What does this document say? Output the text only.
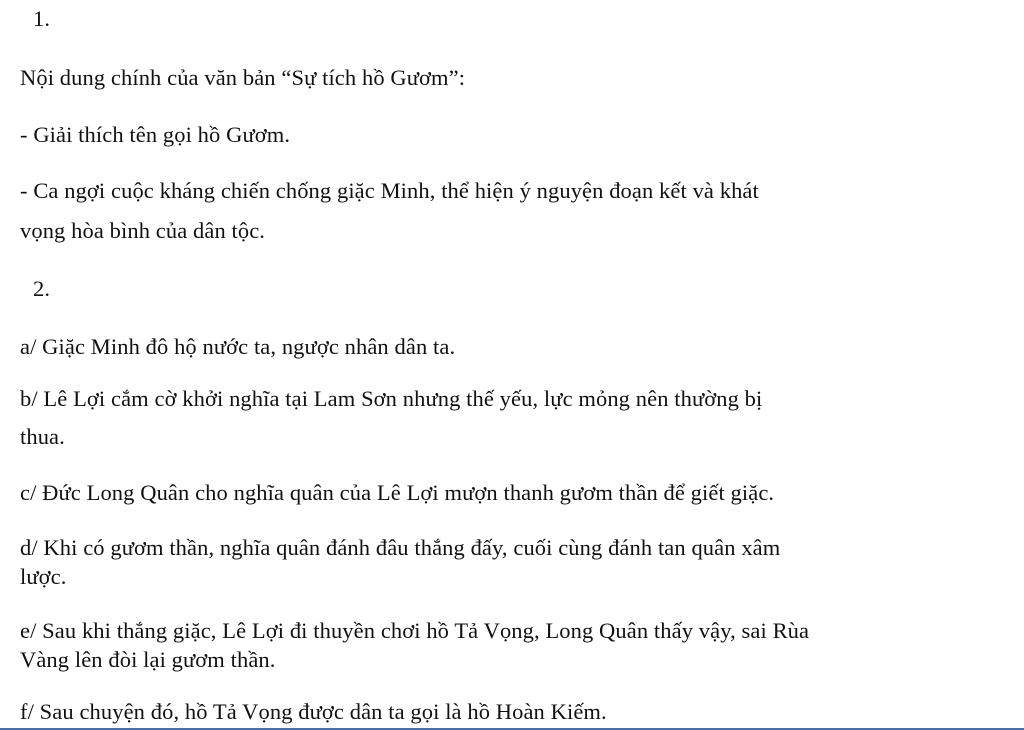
1.

Nội dung chính của văn bản “Sự tích hồ Gươm”:

- Giải thích tên gọi hồ Gươm.

- Ca ngợi cuộc kháng chiến chống giặc Minh, thể hiện ý nguyện đoạn kết và khát

vọng hòa bình của dân tộc.

2.

a/ Giặc Minh đô hộ nước ta, ngược nhân dân ta.

b/ Lê Lợi cắm cờ khởi nghĩa tại Lam Sơn nhưng thế yếu, lực mỏng nên thường bị

thua.

c/ Đức Long Quân cho nghĩa quân của Lê Lợi mượn thanh gươm thần để giết giặc.

d/ Khi có gươm thần, nghĩa quân đánh đâu thắng đấy, cuối cùng đánh tan quân xâm

lược.

e/ Sau khi thắng giặc, Lê Lợi đi thuyền chơi hồ Tả Vọng, Long Quân thấy vậy, sai Rùa

Vàng lên đòi lại gươm thần.

f/ Sau chuyện đó, hồ Tả Vọng được dân ta gọi là hồ Hoàn Kiếm.
